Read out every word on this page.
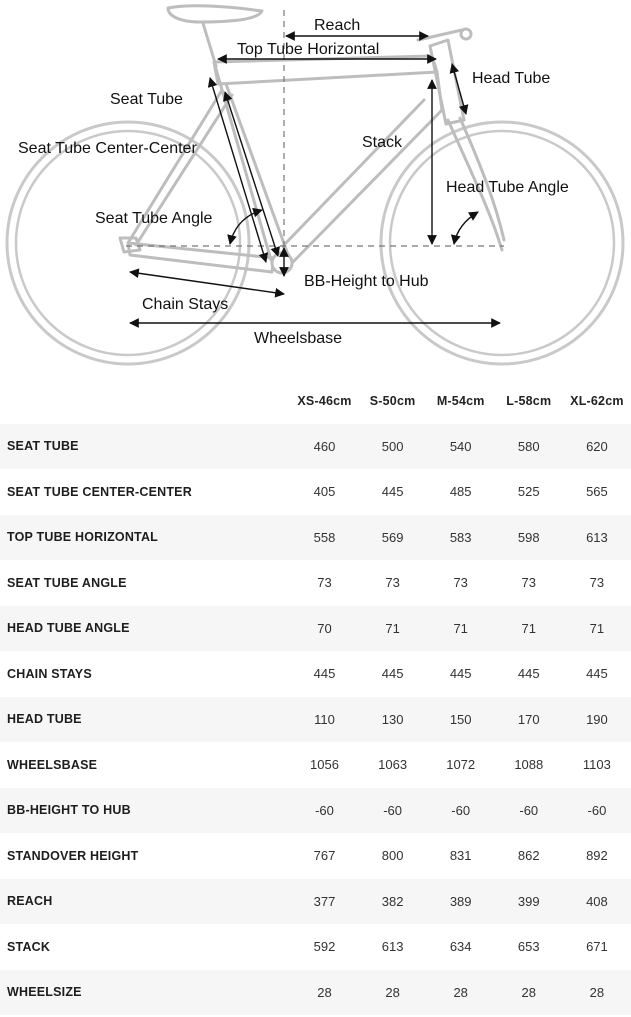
Reach
Top Tube Horizontal
Head Tube
Seat Tube
Seat Tube Center-Center	Stack
Head Tube Angle
Seat Tube Angle
BB-Height to Hub
Chain Stays
Wheelsbase
	XS-46cm	S-50cm	M-54cm	L-58cm	XL-62cm
SEAT TUBE	460	500	540	580	620
SEAT TUBE CENTER-CENTER	405	445	485	525	565
TOP TUBE HORIZONTAL	558	569	583	598	613
SEAT TUBE ANGLE	73	73	73	73	73
HEAD TUBE ANGLE	70	71	71	71	71
CHAIN STAYS	445	445	445	445	445
HEAD TUBE	110	130	150	170	190
WHEELSBASE	1056	1063	1072	1088	1103
BB-HEIGHT TO HUB	-60	-60	-60	-60	-60
STANDOVER HEIGHT	767	800	831	862	892
REACH	377	382	389	399	408
STACK	592	613	634	653	671
WHEELSIZE	28	28	28	28	28
